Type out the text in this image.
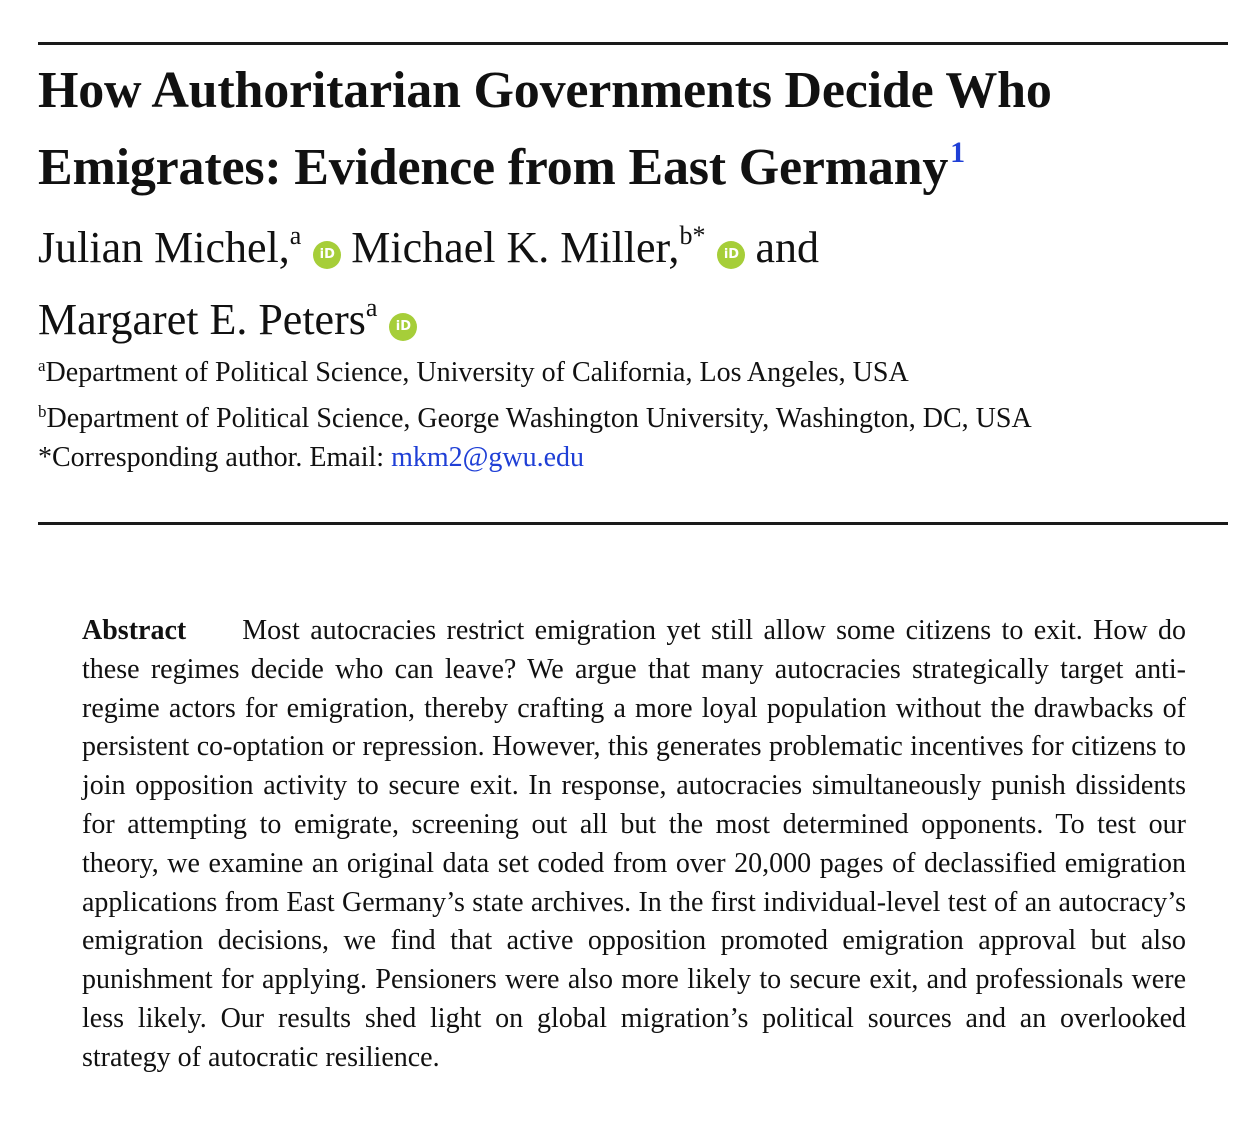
How Authoritarian Governments Decide Who Emigrates: Evidence from East Germany$^1$
Julian Michel,$^a$iD Michael K. Miller,$^{b*}$iD and
Margaret E. Peters$^a$iD
$^a$Department of Political Science, University of California, Los Angeles, USA
$^b$Department of Political Science, George Washington University, Washington, DC, USA
*Corresponding author. Email: mkm2@gwu.edu

Abstract Most autocracies restrict emigration yet still allow some citizens to exit. How do these regimes decide who can leave? We argue that many autocracies strategically target anti-regime actors for emigration, thereby crafting a more loyal population without the drawbacks of persistent co-optation or repression. However, this generates problematic incentives for citizens to join opposition activity to secure exit. In response, autocracies simultaneously punish dissidents for attempting to emigrate, screening out all but the most determined opponents. To test our theory, we examine an original data set coded from over 20,000 pages of declassified emigration applications from East Germany’s state archives. In the first individual-level test of an autocracy’s emigration decisions, we find that active opposition promoted emigration approval but also punishment for applying. Pensioners were also more likely to secure exit, and professionals were less likely. Our results shed light on global migration’s political sources and an overlooked strategy of autocratic resilience.
